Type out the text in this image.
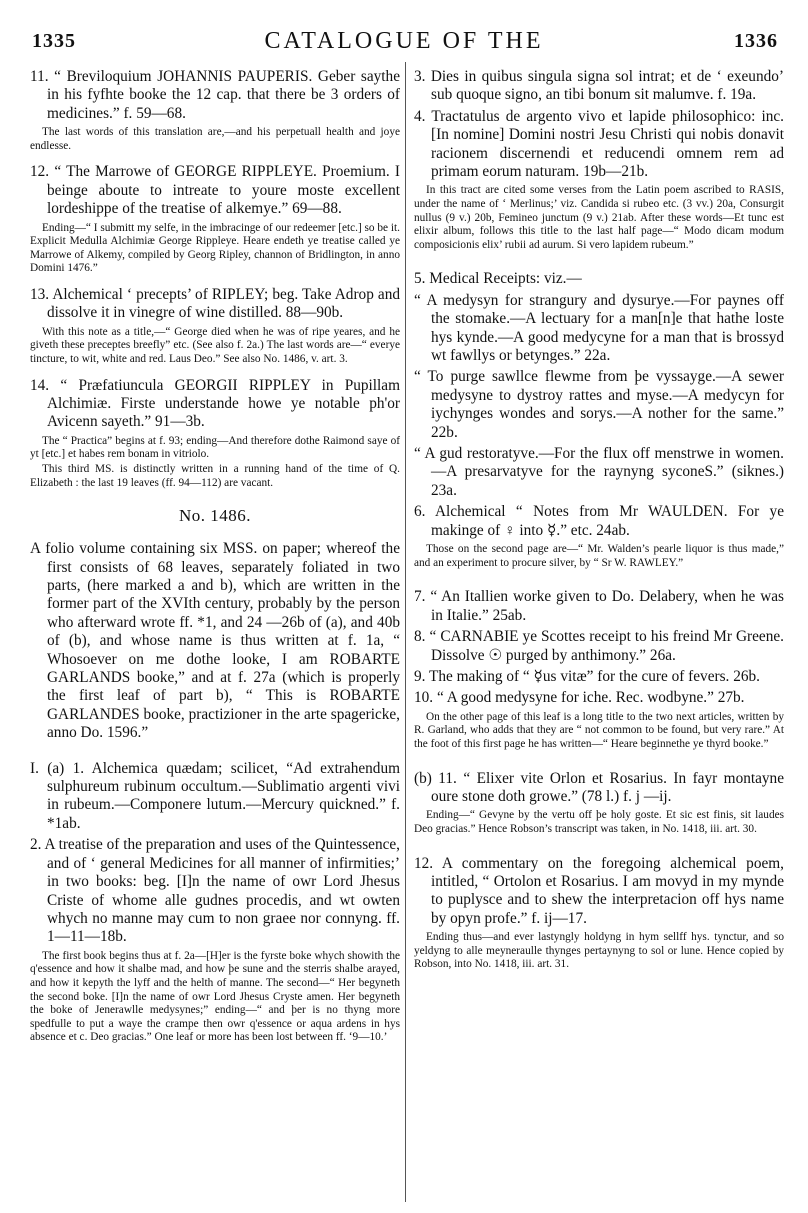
1335	CATALOGUE OF THE	1336

11. “ Breviloquium JOHANNIS PAUPERIS. Geber saythe in his fyfhte booke the 12 cap. that there be 3 orders of medicines.” f. 59—68.

The last words of this translation are,—and his perpetuall health and joye endlesse.

12. “ The Marrowe of GEORGE RIPPLEYE. Proemium. I beinge aboute to intreate to youre moste excellent lordeshippe of the treatise of alkemye.” 69—88.

Ending—“ I submitt my selfe, in the imbracinge of our redeemer [etc.] so be it. Explicit Medulla Alchimiæ George Rippleye. Heare endeth ye treatise called ye Marrowe of Alkemy, compiled by Georg Ripley, channon of Bridlington, in anno Domini 1476.”

13. Alchemical ‘ precepts’ of RIPLEY; beg. Take Adrop and dissolve it in vinegre of wine distilled. 88—90b.

With this note as a title,—“ George died when he was of ripe yeares, and he giveth these preceptes breefly” etc. (See also f. 2a.) The last words are—“ everye tincture, to wit, white and red. Laus Deo.” See also No. 1486, v. art. 3.

14. “ Præfatiuncula GEORGII RIPPLEY in Pupillam Alchimiæ. Firste understande howe ye notable ph'or Avicenn sayeth.” 91—3b.

The “ Practica” begins at f. 93; ending—And therefore dothe Raimond saye of yt [etc.] et habes rem bonam in vitriolo.

This third MS. is distinctly written in a running hand of the time of Q. Elizabeth : the last 19 leaves (ff. 94—112) are vacant.

No. 1486.

A folio volume containing six MSS. on paper; whereof the first consists of 68 leaves, separately foliated in two parts, (here marked a and b), which are written in the former part of the XVIth century, probably by the person who afterward wrote ff. *1, and 24 —26b of (a), and 40b of (b), and whose name is thus written at f. 1a, “ Whosoever on me dothe looke, I am ROBARTE GARLANDS booke,” and at f. 27a (which is properly the first leaf of part b), “ This is ROBARTE GARLANDES booke, practizioner in the arte spagericke, anno Do. 1596.”

I. (a) 1. Alchemica quædam; scilicet, “Ad extrahendum sulphureum rubinum occultum.—Sublimatio argenti vivi in rubeum.—Componere lutum.—Mercury quickned.” f. *1ab.

2. A treatise of the preparation and uses of the Quintessence, and of ‘ general Medicines for all manner of infirmities;’ in two books: beg. [I]n the name of owr Lord Jhesus Criste of whome alle gudnes procedis, and wt owten whych no manne may cum to non graee nor connyng. ff. 1—11—18b.

The first book begins thus at f. 2a—[H]er is the fyrste boke whych showith the q'essence and how it shalbe mad, and how þe sune and the sterris shalbe arayed, and how it kepyth the lyff and the helth of manne. The second—“ Her begyneth the second boke. [I]n the name of owr Lord Jhesus Cryste amen. Her begyneth the boke of Jenerawlle medysynes;” ending—“ and þer is no thyng more spedfulle to put a waye the crampe then owr q'essence or aqua ardens in hys absence et c. Deo gracias.” One leaf or more has been lost between ff. ‘9—10.’

3. Dies in quibus singula signa sol intrat; et de ‘ exeundo’ sub quoque signo, an tibi bonum sit malumve. f. 19a.

4. Tractatulus de argento vivo et lapide philosophico: inc. [In nomine] Domini nostri Jesu Christi qui nobis donavit racionem discernendi et reducendi omnem rem ad primam eorum naturam. 19b—21b.

In this tract are cited some verses from the Latin poem ascribed to RASIS, under the name of ‘ Merlinus;’ viz. Candida si rubeo etc. (3 vv.) 20a, Consurgit nullus (9 v.) 20b, Femineo junctum (9 v.) 21ab. After these words—Et tunc est elixir album, follows this title to the last half page—“ Modo dicam modum composicionis elix’ rubii ad aurum. Si vero lapidem rubeum.”

5. Medical Receipts: viz.—

“ A medysyn for strangury and dysurye.—For paynes off the stomake.—A lectuary for a man[n]e that hathe loste hys kynde.—A good medycyne for a man that is brossyd wt fawllys or betynges.” 22a.

“ To purge sawllce flewme from þe vyssayge.—A sewer medysyne to dystroy rattes and myse.—A medycyn for iychynges wondes and sorys.—A nother for the same.” 22b.

“ A gud restoratyve.—For the flux off menstrwe in women.—A presarvatyve for the raynyng syconeS.” (siknes.) 23a.

6. Alchemical “ Notes from Mr WAULDEN. For ye makinge of ♀ into ☿.” etc. 24ab.

Those on the second page are—“ Mr. Walden’s pearle liquor is thus made,” and an experiment to procure silver, by “ Sr W. RAWLEY.”

7. “ An Itallien worke given to Do. Delabery, when he was in Italie.” 25ab.

8. “ CARNABIE ye Scottes receipt to his freind Mr Greene. Dissolve ☉ purged by anthimony.” 26a.

9. The making of “ ☿us vitæ” for the cure of fevers. 26b.

10. “ A good medysyne for iche. Rec. wodbyne.” 27b.

On the other page of this leaf is a long title to the two next articles, written by R. Garland, who adds that they are “ not common to be found, but very rare.” At the foot of this first page he has written—“ Heare beginnethe ye thyrd booke.”

(b) 11. “ Elixer vite Orlon et Rosarius. In fayr montayne oure stone doth growe.” (78 l.) f. j —ij.

Ending—“ Gevyne by the vertu off þe holy goste. Et sic est finis, sit laudes Deo gracias.” Hence Robson’s transcript was taken, in No. 1418, iii. art. 30.

12. A commentary on the foregoing alchemical poem, intitled, “ Ortolon et Rosarius. I am movyd in my mynde to puplysce and to shew the interpretacion off hys name by opyn profe.” f. ij—17.

Ending thus—and ever lastyngly holdyng in hym sellff hys. tynctur, and so yeldyng to alle meyneraulle thynges pertaynyng to sol or lune. Hence copied by Robson, into No. 1418, iii. art. 31.
